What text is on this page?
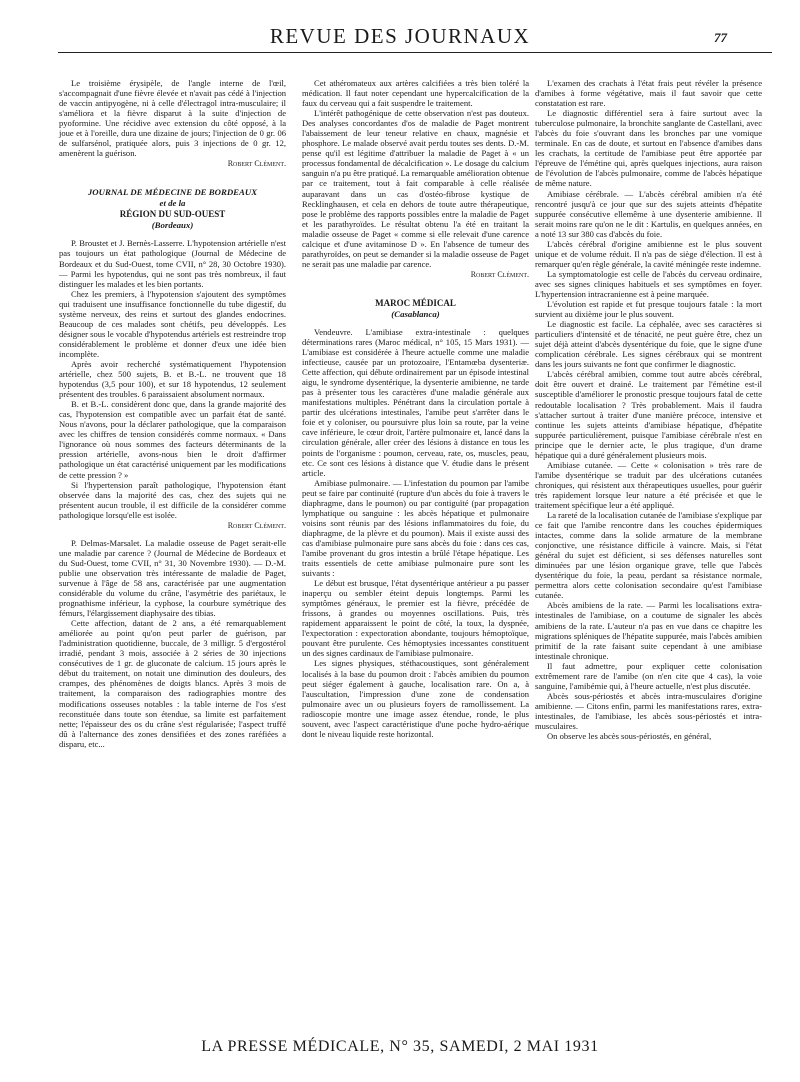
REVUE DES JOURNAUX	77

Le troisième érysipèle, de l'angle interne de l'œil, s'accompagnait d'une fièvre élevée et n'avait pas cédé à l'injection de vaccin antipyogène, ni à celle d'électragol intra-musculaire; il s'améliora et la fièvre disparut à la suite d'injection de pyoformine. Une récidive avec extension du côté opposé, à la joue et à l'oreille, dura une dizaine de jours; l'injection de 0 gr. 06 de sulfarsénol, pratiquée alors, puis 3 injections de 0 gr. 12, amenèrent la guérison.

Robert Clément.

JOURNAL DE MÉDECINE DE BORDEAUX
et de la
RÉGION DU SUD-OUEST
(Bordeaux)

P. Broustet et J. Bernès-Lasserre. L'hypotension artérielle n'est pas toujours un état pathologique (Journal de Médecine de Bordeaux et du Sud-Ouest, tome CVII, n° 28, 30 Octobre 1930). — Parmi les hypotendus, qui ne sont pas très nombreux, il faut distinguer les malades et les bien portants.

Chez les premiers, à l'hypotension s'ajoutent des symptômes qui traduisent une insuffisance fonctionnelle du tube digestif, du système nerveux, des reins et surtout des glandes endocrines. Beaucoup de ces malades sont chétifs, peu développés. Les désigner sous le vocable d'hypotendus artériels est restreindre trop considérablement le problème et donner d'eux une idée bien incomplète.

Après avoir recherché systématiquement l'hypotension artérielle, chez 500 sujets, B. et B.-L. ne trouvent que 18 hypotendus (3,5 pour 100), et sur 18 hypotendus, 12 seulement présentent des troubles. 6 paraissaient absolument normaux.

B. et B.-L. considèrent donc que, dans la grande majorité des cas, l'hypotension est compatible avec un parfait état de santé. Nous n'avons, pour la déclarer pathologique, que la comparaison avec les chiffres de tension considérés comme normaux. « Dans l'ignorance où nous sommes des facteurs déterminants de la pression artérielle, avons-nous bien le droit d'affirmer pathologique un état caractérisé uniquement par les modifications de cette pression ? »

Si l'hypertension paraît pathologique, l'hypotension étant observée dans la majorité des cas, chez des sujets qui ne présentent aucun trouble, il est difficile de la considérer comme pathologique lorsqu'elle est isolée.

Robert Clément.

P. Delmas-Marsalet. La maladie osseuse de Paget serait-elle une maladie par carence ? (Journal de Médecine de Bordeaux et du Sud-Ouest, tome CVII, n° 31, 30 Novembre 1930). — D.-M. publie une observation très intéressante de maladie de Paget, survenue à l'âge de 58 ans, caractérisée par une augmentation considérable du volume du crâne, l'asymétrie des pariétaux, le prognathisme inférieur, la cyphose, la courbure symétrique des fémurs, l'élargissement diaphysaire des tibias.

Cette affection, datant de 2 ans, a été remarquablement améliorée au point qu'on peut parler de guérison, par l'administration quotidienne, buccale, de 3 milligr. 5 d'ergostérol irradié, pendant 3 mois, associée à 2 séries de 30 injections consécutives de 1 gr. de gluconate de calcium. 15 jours après le début du traitement, on notait une diminution des douleurs, des crampes, des phénomènes de doigts blancs. Après 3 mois de traitement, la comparaison des radiographies montre des modifications osseuses notables : la table interne de l'os s'est reconstituée dans toute son étendue, sa limite est parfaitement nette; l'épaisseur des os du crâne s'est régularisée; l'aspect truffé dû à l'alternance des zones densifiées et des zones raréfiées a disparu, etc...

Cet athéromateux aux artères calcifiées a très bien toléré la médication. Il faut noter cependant une hypercalcification de la faux du cerveau qui a fait suspendre le traitement.

L'intérêt pathogénique de cette observation n'est pas douteux. Des analyses concordantes d'os de maladie de Paget montrent l'abaissement de leur teneur relative en chaux, magnésie et phosphore. Le malade observé avait perdu toutes ses dents. D.-M. pense qu'il est légitime d'attribuer la maladie de Paget à « un processus fondamental de décalcification ». Le dosage du calcium sanguin n'a pu être pratiqué. La remarquable amélioration obtenue par ce traitement, tout à fait comparable à celle réalisée auparavant dans un cas d'ostéo-fibrose kystique de Recklinghausen, et cela en dehors de toute autre thérapeutique, pose le problème des rapports possibles entre la maladie de Paget et les parathyroïdes. Le résultat obtenu l'a été en traitant la maladie osseuse de Paget « comme si elle relevait d'une carence calcique et d'une avitaminose D ». En l'absence de tumeur des parathyroïdes, on peut se demander si la maladie osseuse de Paget ne serait pas une maladie par carence.

Robert Clément.

MAROC MÉDICAL
(Casablanca)

Vendeuvre. L'amibiase extra-intestinale : quelques déterminations rares (Maroc médical, n° 105, 15 Mars 1931). — L'amibiase est considérée à l'heure actuelle comme une maladie infectieuse, causée par un protozoaire, l'Entamœba dysenteriæ. Cette affection, qui débute ordinairement par un épisode intestinal aigu, le syndrome dysentérique, la dysenterie amibienne, ne tarde pas à présenter tous les caractères d'une maladie générale aux manifestations multiples. Pénétrant dans la circulation portale à partir des ulcérations intestinales, l'amibe peut s'arrêter dans le foie et y coloniser, ou poursuivre plus loin sa route, par la veine cave inférieure, le cœur droit, l'artère pulmonaire et, lancé dans la circulation générale, aller créer des lésions à distance en tous les points de l'organisme : poumon, cerveau, rate, os, muscles, peau, etc. Ce sont ces lésions à distance que V. étudie dans le présent article.

Amibiase pulmonaire. — L'infestation du poumon par l'amibe peut se faire par continuité (rupture d'un abcès du foie à travers le diaphragme, dans le poumon) ou par contiguïté (par propagation lymphatique ou sanguine : les abcès hépatique et pulmonaire voisins sont réunis par des lésions inflammatoires du foie, du diaphragme, de la plèvre et du poumon). Mais il existe aussi des cas d'amibiase pulmonaire pure sans abcès du foie : dans ces cas, l'amibe provenant du gros intestin a brûlé l'étape hépatique. Les traits essentiels de cette amibiase pulmonaire pure sont les suivants :

Le début est brusque, l'état dysentérique antérieur a pu passer inaperçu ou sembler éteint depuis longtemps. Parmi les symptômes généraux, le premier est la fièvre, précédée de frissons, à grandes ou moyennes oscillations. Puis, très rapidement apparaissent le point de côté, la toux, la dyspnée, l'expectoration : expectoration abondante, toujours hémoptoïque, pouvant être purulente. Ces hémoptysies incessantes constituent un des signes cardinaux de l'amibiase pulmonaire.

Les signes physiques, stéthacoustiques, sont généralement localisés à la base du poumon droit : l'abcès amibien du poumon peut siéger également à gauche, localisation rare. On a, à l'auscultation, l'impression d'une zone de condensation pulmonaire avec un ou plusieurs foyers de ramollissement. La radioscopie montre une image assez étendue, ronde, le plus souvent, avec l'aspect caractéristique d'une poche hydro-aérique dont le niveau liquide reste horizontal.

L'examen des crachats à l'état frais peut révéler la présence d'amibes à forme végétative, mais il faut savoir que cette constatation est rare.

Le diagnostic différentiel sera à faire surtout avec la tuberculose pulmonaire, la bronchite sanglante de Castellani, avec l'abcès du foie s'ouvrant dans les bronches par une vomique terminale. En cas de doute, et surtout en l'absence d'amibes dans les crachats, la certitude de l'amibiase peut être apportée par l'épreuve de l'émétine qui, après quelques injections, aura raison de l'évolution de l'abcès pulmonaire, comme de l'abcès hépatique de même nature.

Amibiase cérébrale. — L'abcès cérébral amibien n'a été rencontré jusqu'à ce jour que sur des sujets atteints d'hépatite suppurée consécutive ellemême à une dysenterie amibienne. Il serait moins rare qu'on ne le dit : Kartulis, en quelques années, en a noté 13 sur 380 cas d'abcès du foie.

L'abcès cérébral d'origine amibienne est le plus souvent unique et de volume réduit. Il n'a pas de siège d'élection. Il est à remarquer qu'en règle générale, la cavité méningée reste indemne.

La symptomatologie est celle de l'abcès du cerveau ordinaire, avec ses signes cliniques habituels et ses symptômes en foyer. L'hypertension intracranienne est à peine marquée.

L'évolution est rapide et fut presque toujours fatale : la mort survient au dixième jour le plus souvent.

Le diagnostic est facile. La céphalée, avec ses caractères si particuliers d'intensité et de ténacité, ne peut guère être, chez un sujet déjà atteint d'abcès dysentérique du foie, que le signe d'une complication cérébrale. Les signes cérébraux qui se montrent dans les jours suivants ne font que confirmer le diagnostic.

L'abcès cérébral amibien, comme tout autre abcès cérébral, doit être ouvert et drainé. Le traitement par l'émétine est-il susceptible d'améliorer le pronostic presque toujours fatal de cette redoutable localisation ? Très probablement. Mais il faudra s'attacher surtout à traiter d'une manière précoce, intensive et continue les sujets atteints d'amibiase hépatique, d'hépatite suppurée particulièrement, puisque l'amibiase cérébrale n'est en principe que le dernier acte, le plus tragique, d'un drame hépatique qui a duré généralement plusieurs mois.

Amibiase cutanée. — Cette « colonisation » très rare de l'amibe dysentérique se traduit par des ulcérations cutanées chroniques, qui résistent aux thérapeutiques usuelles, pour guérir très rapidement lorsque leur nature a été précisée et que le traitement spécifique leur a été appliqué.

La rareté de la localisation cutanée de l'amibiase s'explique par ce fait que l'amibe rencontre dans les couches épidermiques intactes, comme dans la solide armature de la membrane conjonctive, une résistance difficile à vaincre. Mais, si l'état général du sujet est déficient, si ses défenses naturelles sont diminuées par une lésion organique grave, telle que l'abcès dysentérique du foie, la peau, perdant sa résistance normale, permettra alors cette colonisation secondaire qu'est l'amibiase cutanée.

Abcès amibiens de la rate. — Parmi les localisations extra-intestinales de l'amibiase, on a coutume de signaler les abcès amibiens de la rate. L'auteur n'a pas en vue dans ce chapitre les migrations spléniques de l'hépatite suppurée, mais l'abcès amibien primitif de la rate faisant suite cependant à une amibiase intestinale chronique.

Il faut admettre, pour expliquer cette colonisation extrêmement rare de l'amibe (on n'en cite que 4 cas), la voie sanguine, l'amibémie qui, à l'heure actuelle, n'est plus discutée.

Abcès sous-périostés et abcès intra-musculaires d'origine amibienne. — Citons enfin, parmi les manifestations rares, extra-intestinales, de l'amibiase, les abcès sous-périostés et intra-musculaires.

On observe les abcès sous-périostés, en général,

LA PRESSE MÉDICALE, N° 35, SAMEDI, 2 MAI 1931
